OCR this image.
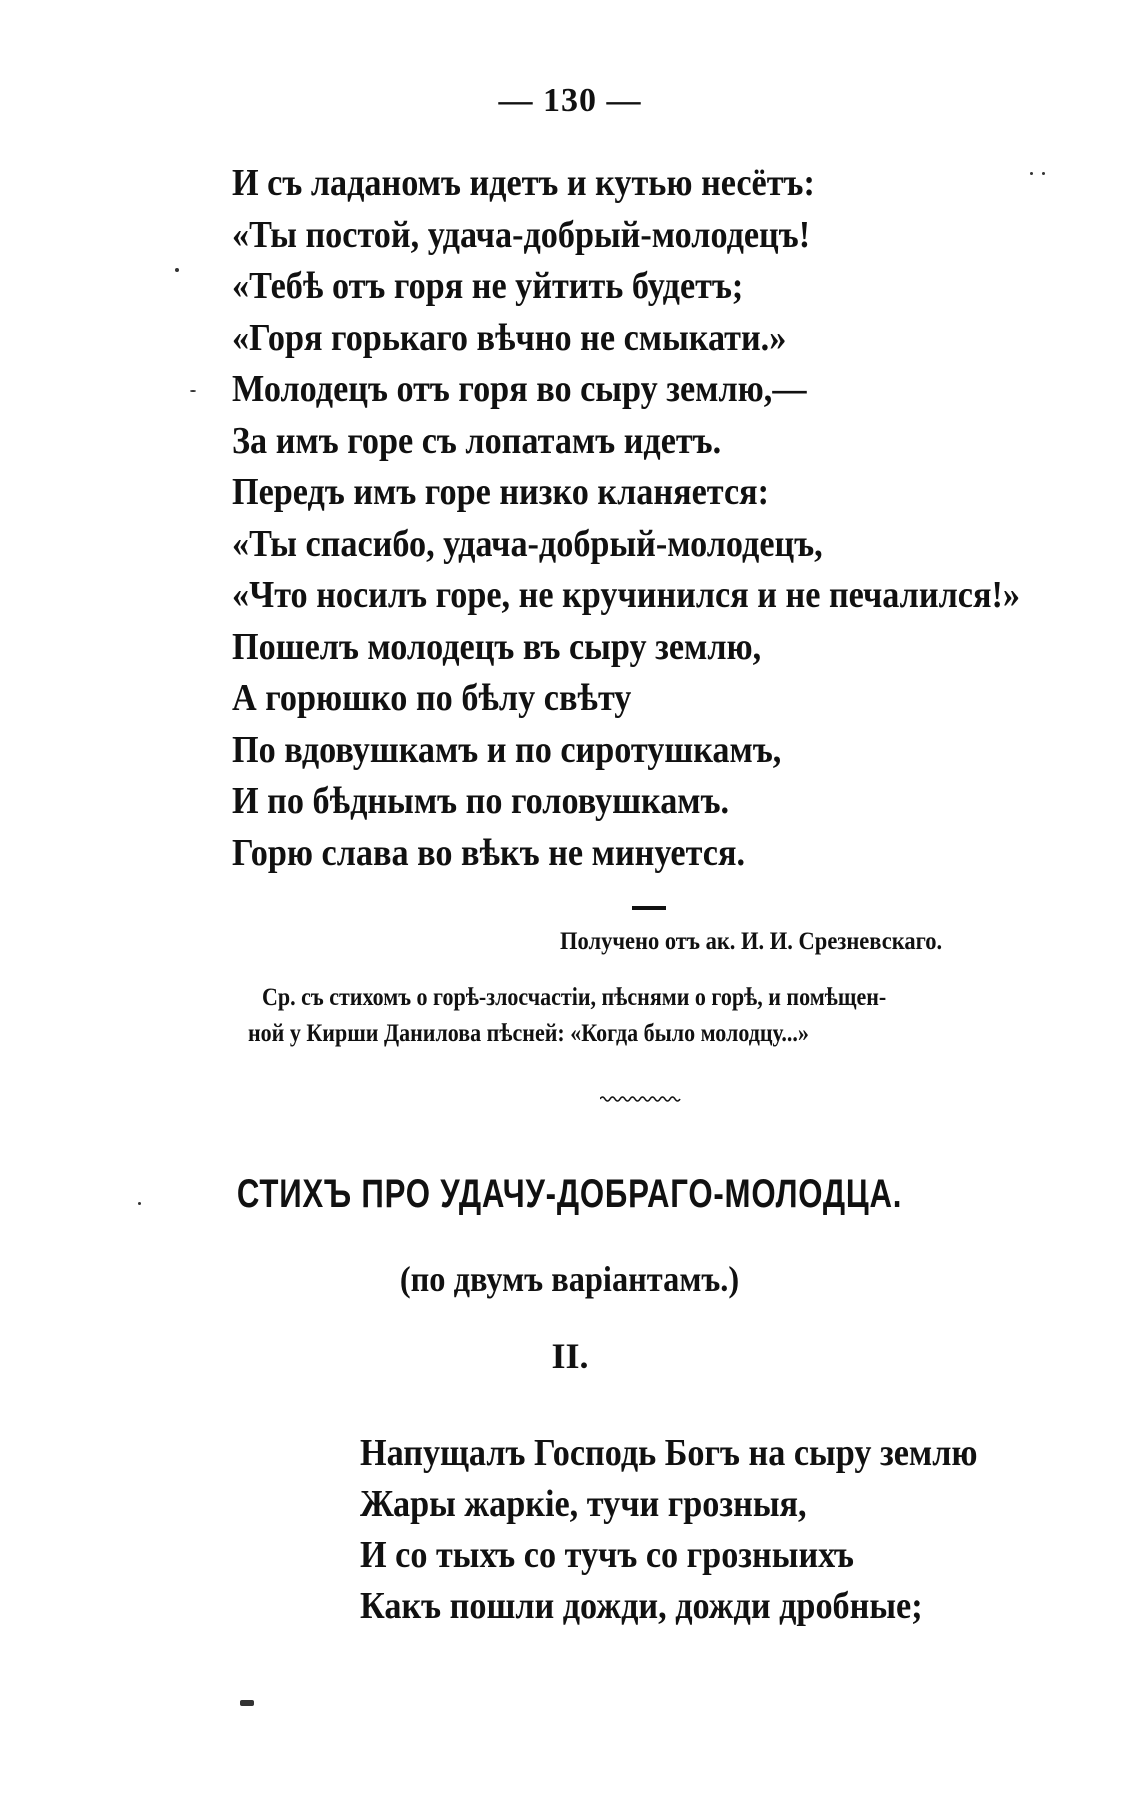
— 130 —
И съ ладаномъ идетъ и кутью несётъ:
«Ты постой, удача-добрый-молодецъ!
«Тебѣ отъ горя не уйтить будетъ;
«Горя горькаго вѣчно не смыкати.»
Молодецъ отъ горя во сыру землю,—
За имъ горе съ лопатамъ идетъ.
Передъ имъ горе низко кланяется:
«Ты спасибо, удача-добрый-молодецъ,
«Что носилъ горе, не кручинился и не печалился!»
Пошелъ молодецъ въ сыру землю,
А горюшко по бѣлу свѣту
По вдовушкамъ и по сиротушкамъ,
И по бѣднымъ по головушкамъ.
Горю слава во вѣкъ не минуется.
Получено отъ ак. И. И. Срезневскаго.
Ср. съ стихомъ о горѣ-злосчастіи, пѣснями о горѣ, и помѣщен-
ной у Кирши Данилова пѣсней: «Когда было молодцу...»
СТИХЪ ПРО УДАЧУ-ДОБРАГО-МОЛОДЦА.
(по двумъ варіантамъ.)
II.
Напущалъ Господь Богъ на сыру землю
Жары жаркіе, тучи грозныя,
И со тыхъ со тучъ со грозныихъ
Какъ пошли дожди, дожди дробные;
